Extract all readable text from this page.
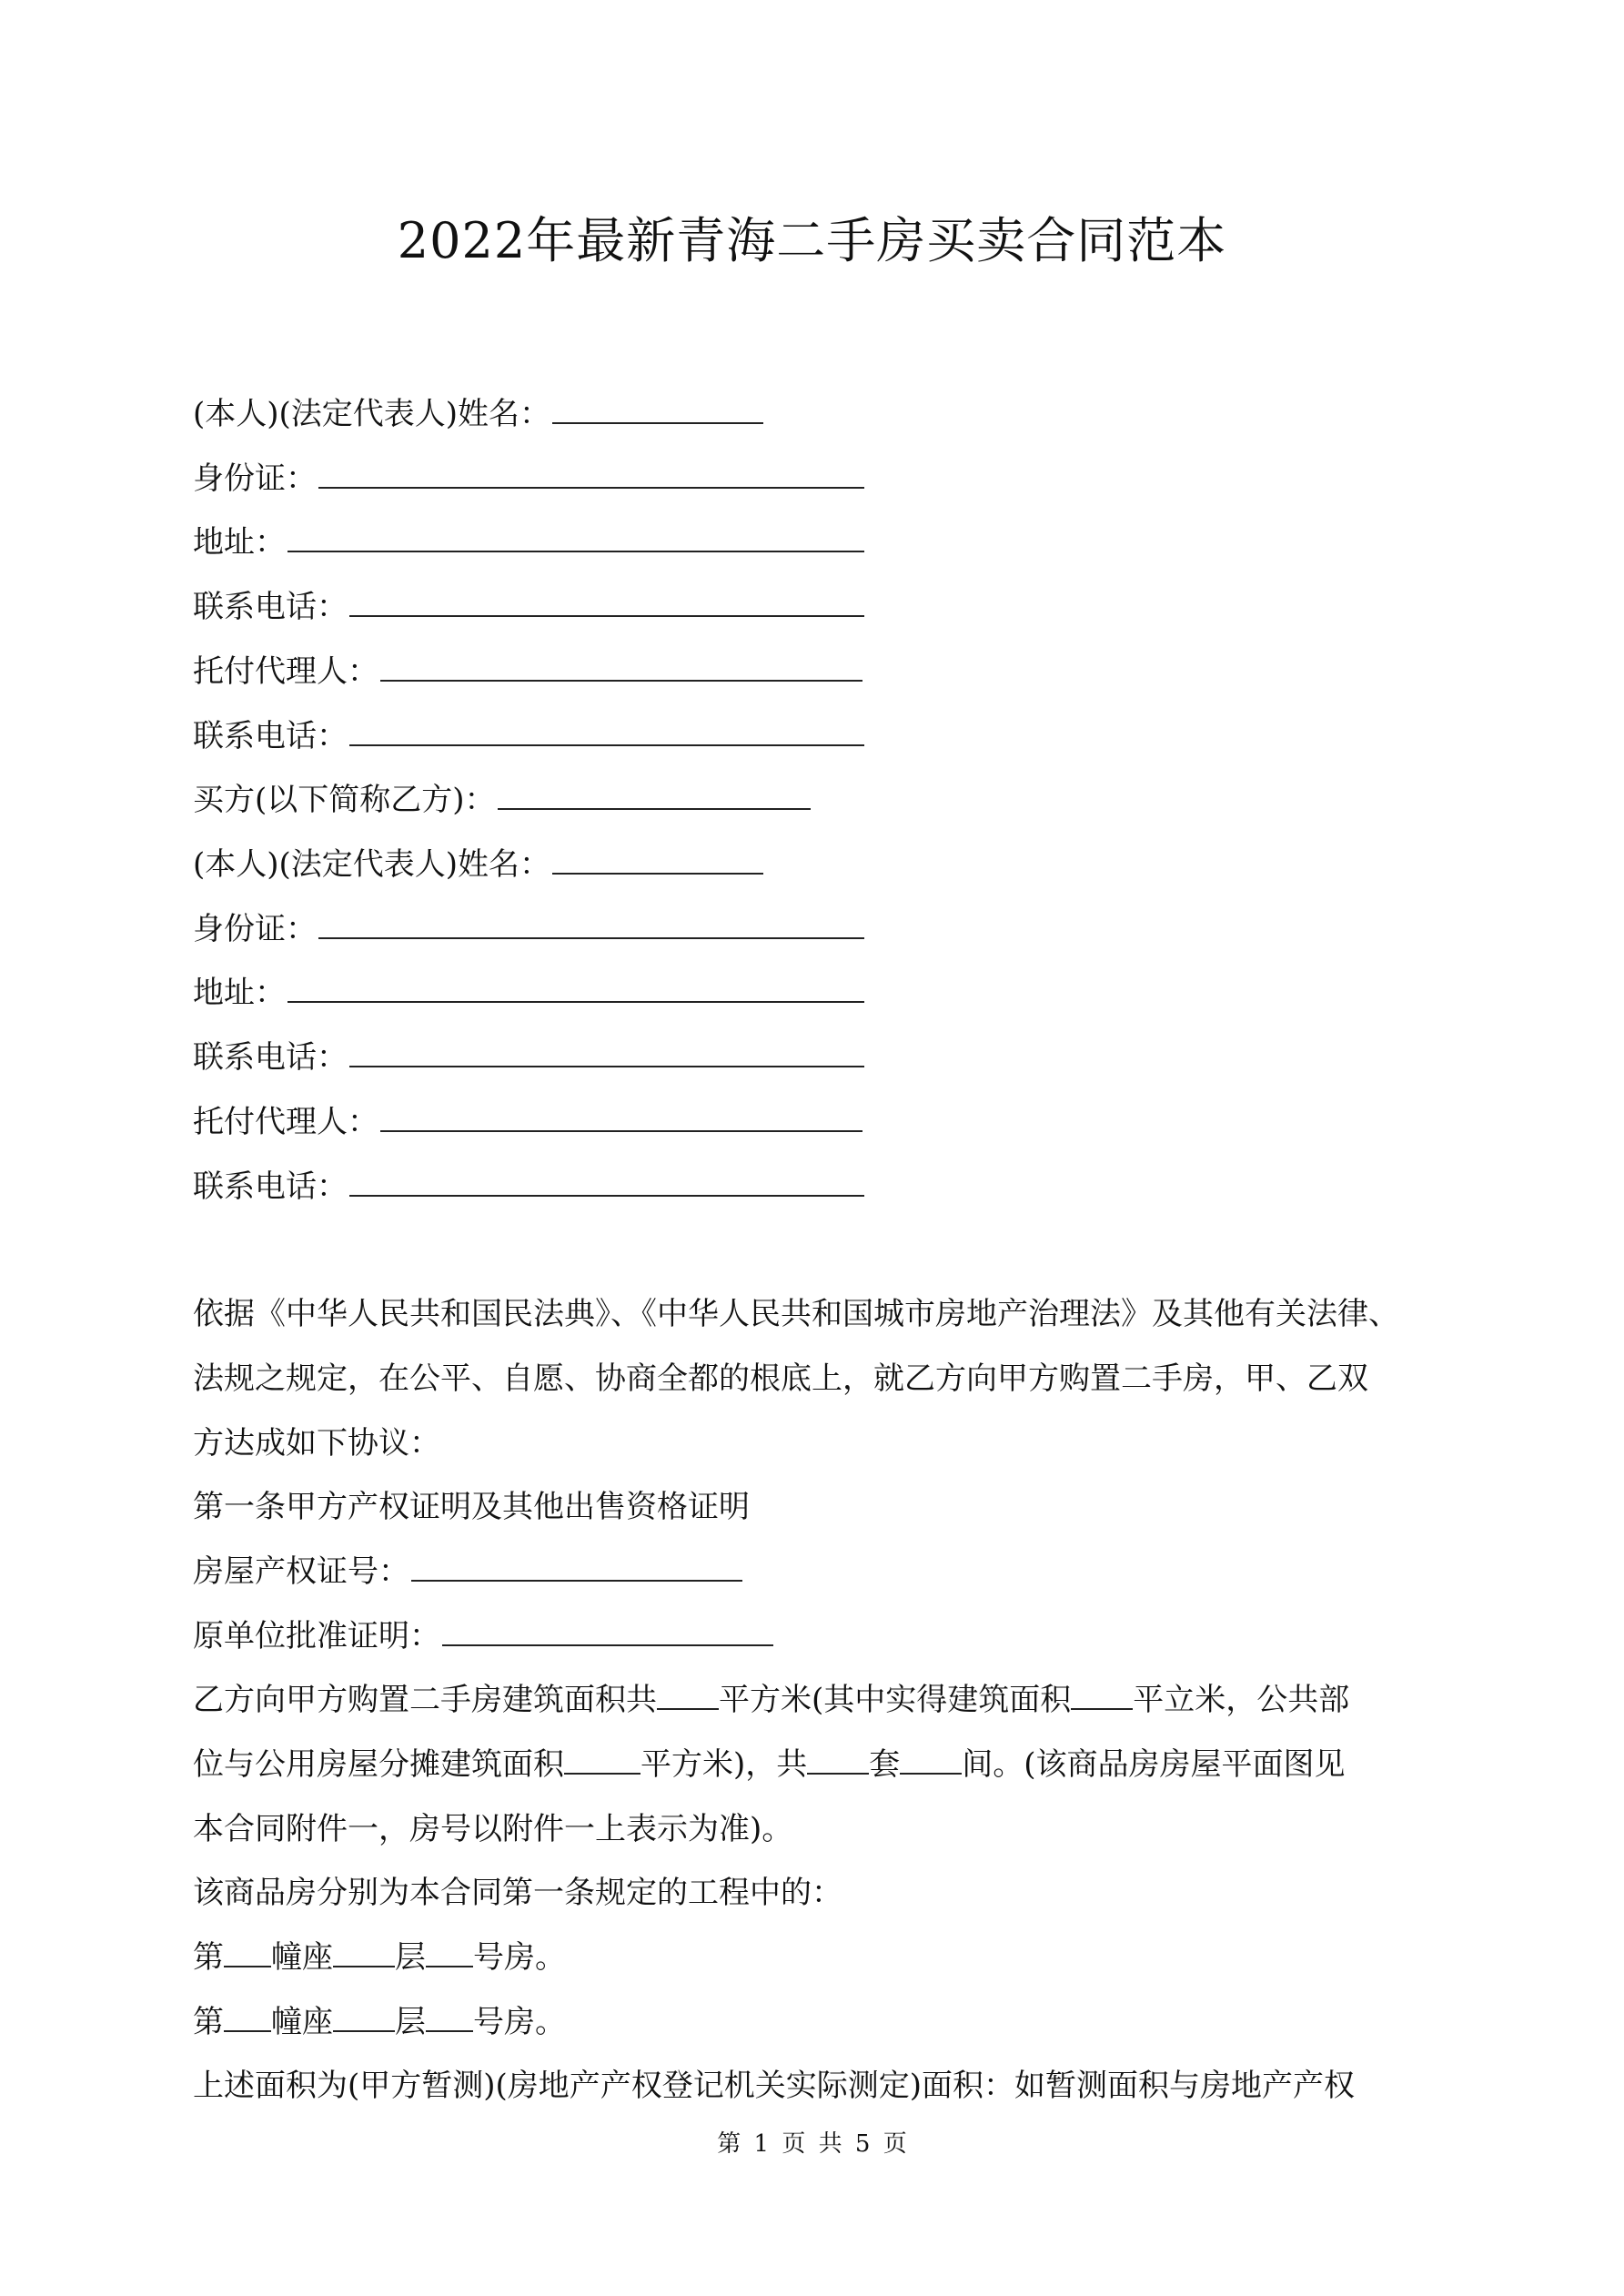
2022年最新青海二手房买卖合同范本
(本人)(法定代表人)姓名：
身份证：
地址：
联系电话：
托付代理人：
联系电话：
买方(以下简称乙方)：
(本人)(法定代表人)姓名：
身份证：
地址：
联系电话：
托付代理人：
联系电话：
依据《中华人民共和国民法典》、《中华人民共和国城市房地产治理法》及其他有关法律、
法规之规定，在公平、自愿、协商全都的根底上，就乙方向甲方购置二手房，甲、乙双
方达成如下协议：
第一条甲方产权证明及其他出售资格证明
房屋产权证号：
原单位批准证明：
乙方向甲方购置二手房建筑面积共 平方米(其中实得建筑面积 平立米，公共部
位与公用房屋分摊建筑面积 平方米)，共 套 间。(该商品房房屋平面图见
本合同附件一，房号以附件一上表示为准)。
该商品房分别为本合同第一条规定的工程中的：
第 幢座 层 号房。
第 幢座 层 号房。
上述面积为(甲方暂测)(房地产产权登记机关实际测定)面积：如暂测面积与房地产产权
第 1 页 共 5 页
